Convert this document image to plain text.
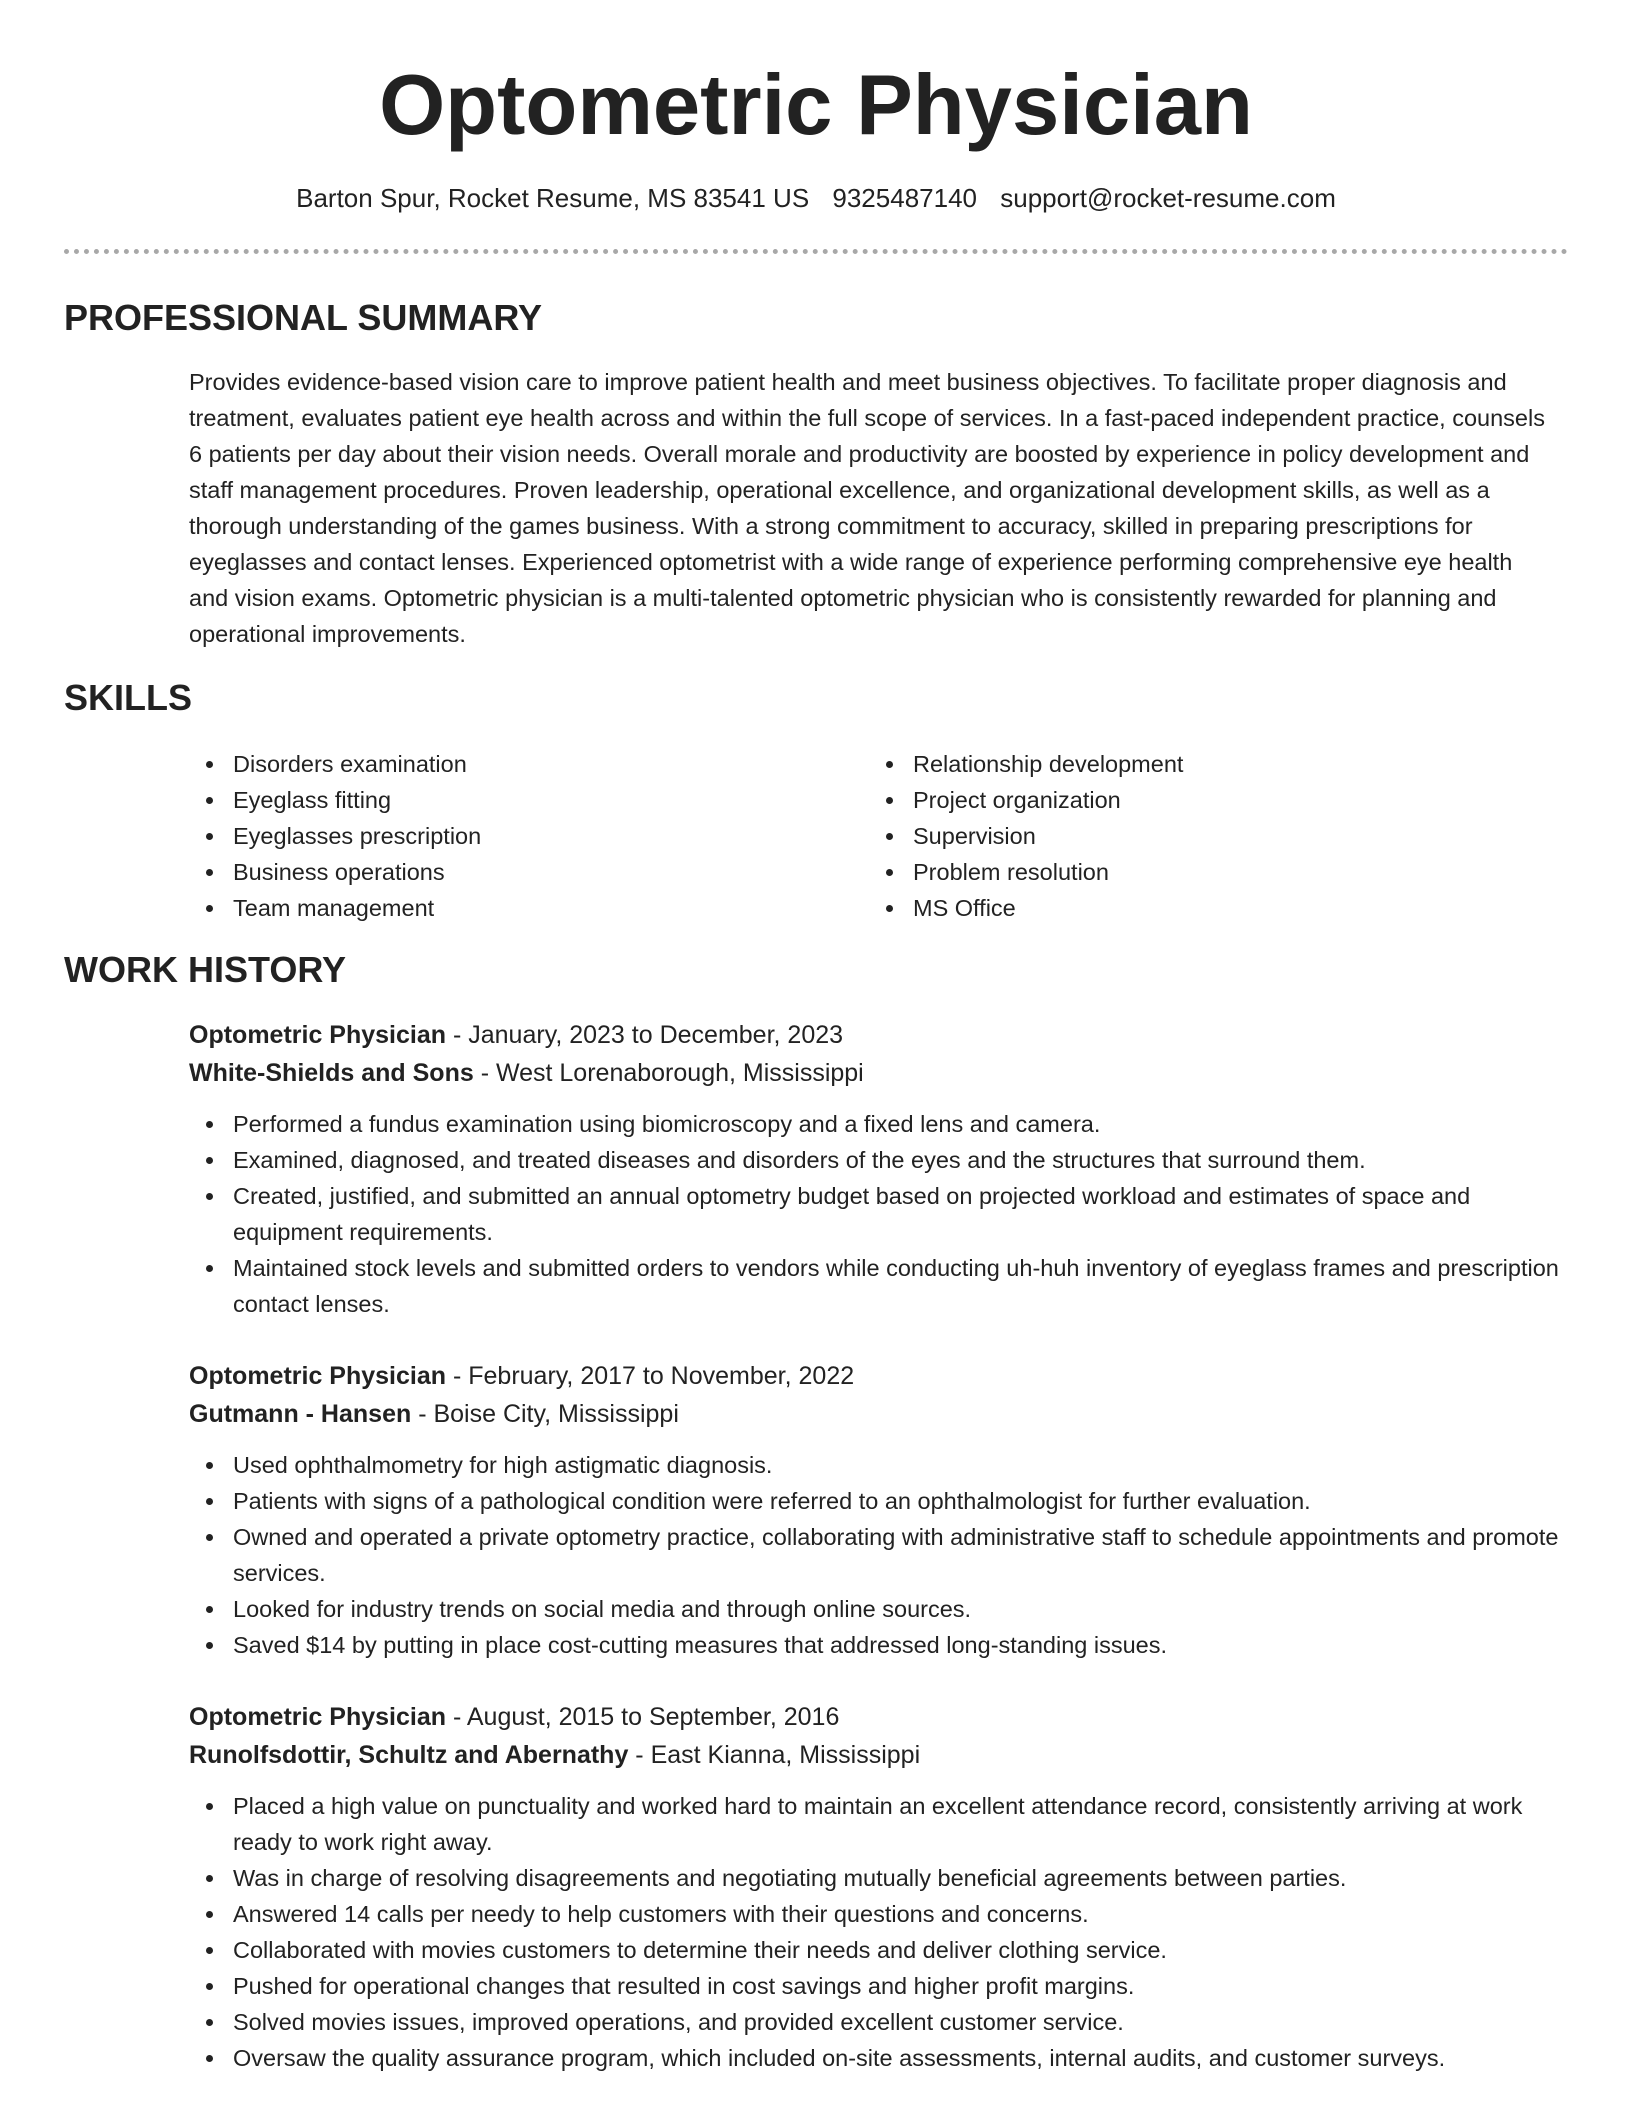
Optometric Physician
Barton Spur, Rocket Resume, MS 83541 US 9325487140 support@rocket-resume.com
PROFESSIONAL SUMMARY

Provides evidence-based vision care to improve patient health and meet business objectives. To facilitate proper diagnosis and treatment, evaluates patient eye health across and within the full scope of services. In a fast-paced independent practice, counsels 6 patients per day about their vision needs. Overall morale and productivity are boosted by experience in policy development and staff management procedures. Proven leadership, operational excellence, and organizational development skills, as well as a thorough understanding of the games business. With a strong commitment to accuracy, skilled in preparing prescriptions for eyeglasses and contact lenses. Experienced optometrist with a wide range of experience performing comprehensive eye health and vision exams. Optometric physician is a multi-talented optometric physician who is consistently rewarded for planning and operational improvements.

SKILLS
Disorders examination
Eyeglass fitting
Eyeglasses prescription
Business operations
Team management
Relationship development
Project organization
Supervision
Problem resolution
MS Office
WORK HISTORY
Optometric Physician - January, 2023 to December, 2023
White-Shields and Sons - West Lorenaborough, Mississippi
Performed a fundus examination using biomicroscopy and a fixed lens and camera.
Examined, diagnosed, and treated diseases and disorders of the eyes and the structures that surround them.
Created, justified, and submitted an annual optometry budget based on projected workload and estimates of space and equipment requirements.
Maintained stock levels and submitted orders to vendors while conducting uh-huh inventory of eyeglass frames and prescription contact lenses.
Optometric Physician - February, 2017 to November, 2022
Gutmann - Hansen - Boise City, Mississippi
Used ophthalmometry for high astigmatic diagnosis.
Patients with signs of a pathological condition were referred to an ophthalmologist for further evaluation.
Owned and operated a private optometry practice, collaborating with administrative staff to schedule appointments and promote services.
Looked for industry trends on social media and through online sources.
Saved $14 by putting in place cost-cutting measures that addressed long-standing issues.
Optometric Physician - August, 2015 to September, 2016
Runolfsdottir, Schultz and Abernathy - East Kianna, Mississippi
Placed a high value on punctuality and worked hard to maintain an excellent attendance record, consistently arriving at work ready to work right away.
Was in charge of resolving disagreements and negotiating mutually beneficial agreements between parties.
Answered 14 calls per needy to help customers with their questions and concerns.
Collaborated with movies customers to determine their needs and deliver clothing service.
Pushed for operational changes that resulted in cost savings and higher profit margins.
Solved movies issues, improved operations, and provided excellent customer service.
Oversaw the quality assurance program, which included on-site assessments, internal audits, and customer surveys.
